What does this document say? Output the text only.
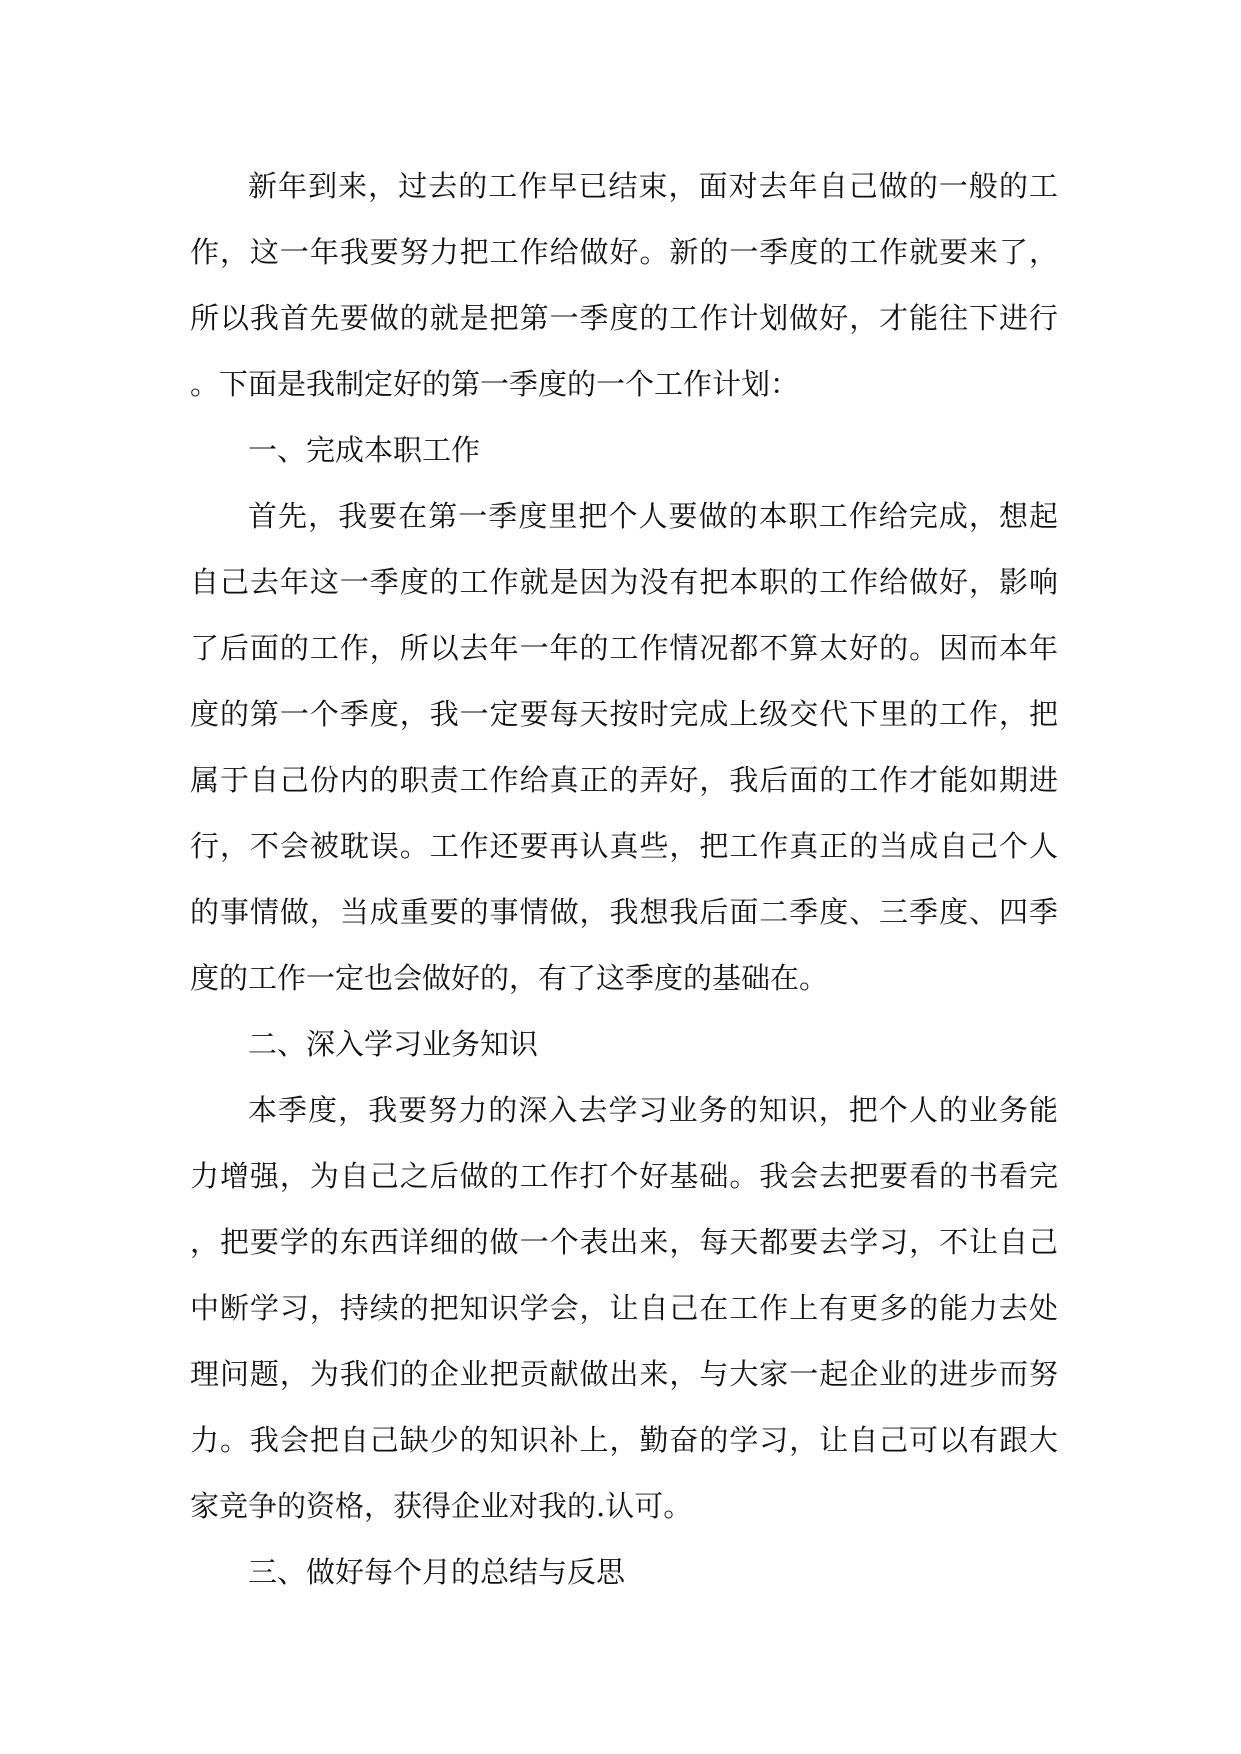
新年到来，过去的工作早已结束，面对去年自己做的一般的工作，这一年我要努力把工作给做好。新的一季度的工作就要来了，所以我首先要做的就是把第一季度的工作计划做好，才能往下进行。下面是我制定好的第一季度的一个工作计划：

一、完成本职工作

首先，我要在第一季度里把个人要做的本职工作给完成，想起自己去年这一季度的工作就是因为没有把本职的工作给做好，影响了后面的工作，所以去年一年的工作情况都不算太好的。因而本年度的第一个季度，我一定要每天按时完成上级交代下里的工作，把属于自己份内的职责工作给真正的弄好，我后面的工作才能如期进行，不会被耽误。工作还要再认真些，把工作真正的当成自己个人的事情做，当成重要的事情做，我想我后面二季度、三季度、四季度的工作一定也会做好的，有了这季度的基础在。

二、深入学习业务知识

本季度，我要努力的深入去学习业务的知识，把个人的业务能力增强，为自己之后做的工作打个好基础。我会去把要看的书看完，把要学的东西详细的做一个表出来，每天都要去学习，不让自己中断学习，持续的把知识学会，让自己在工作上有更多的能力去处理问题，为我们的企业把贡献做出来，与大家一起企业的进步而努力。我会把自己缺少的知识补上，勤奋的学习，让自己可以有跟大家竞争的资格，获得企业对我的.认可。

三、做好每个月的总结与反思
